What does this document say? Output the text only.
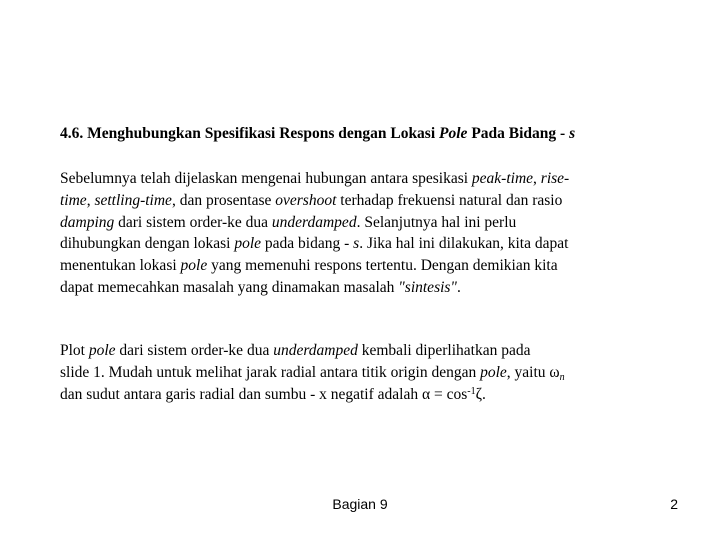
4.6. Menghubungkan Spesifikasi Respons dengan Lokasi Pole Pada Bidang - s

Sebelumnya telah dijelaskan mengenai hubungan antara spesikasi peak-time, rise-
time, settling-time, dan prosentase overshoot terhadap frekuensi natural dan rasio
damping dari sistem order-ke dua underdamped. Selanjutnya hal ini perlu
dihubungkan dengan lokasi pole pada bidang - s. Jika hal ini dilakukan, kita dapat
menentukan lokasi pole yang memenuhi respons tertentu. Dengan demikian kita
dapat memecahkan masalah yang dinamakan masalah "sintesis".

Plot pole dari sistem order-ke dua underdamped kembali diperlihatkan pada
slide 1. Mudah untuk melihat jarak radial antara titik origin dengan pole, yaitu $\omega_n$
dan sudut antara garis radial dan sumbu - x negatif adalah $\alpha = \cos^{-1}\zeta$.

Bagian 9	2
